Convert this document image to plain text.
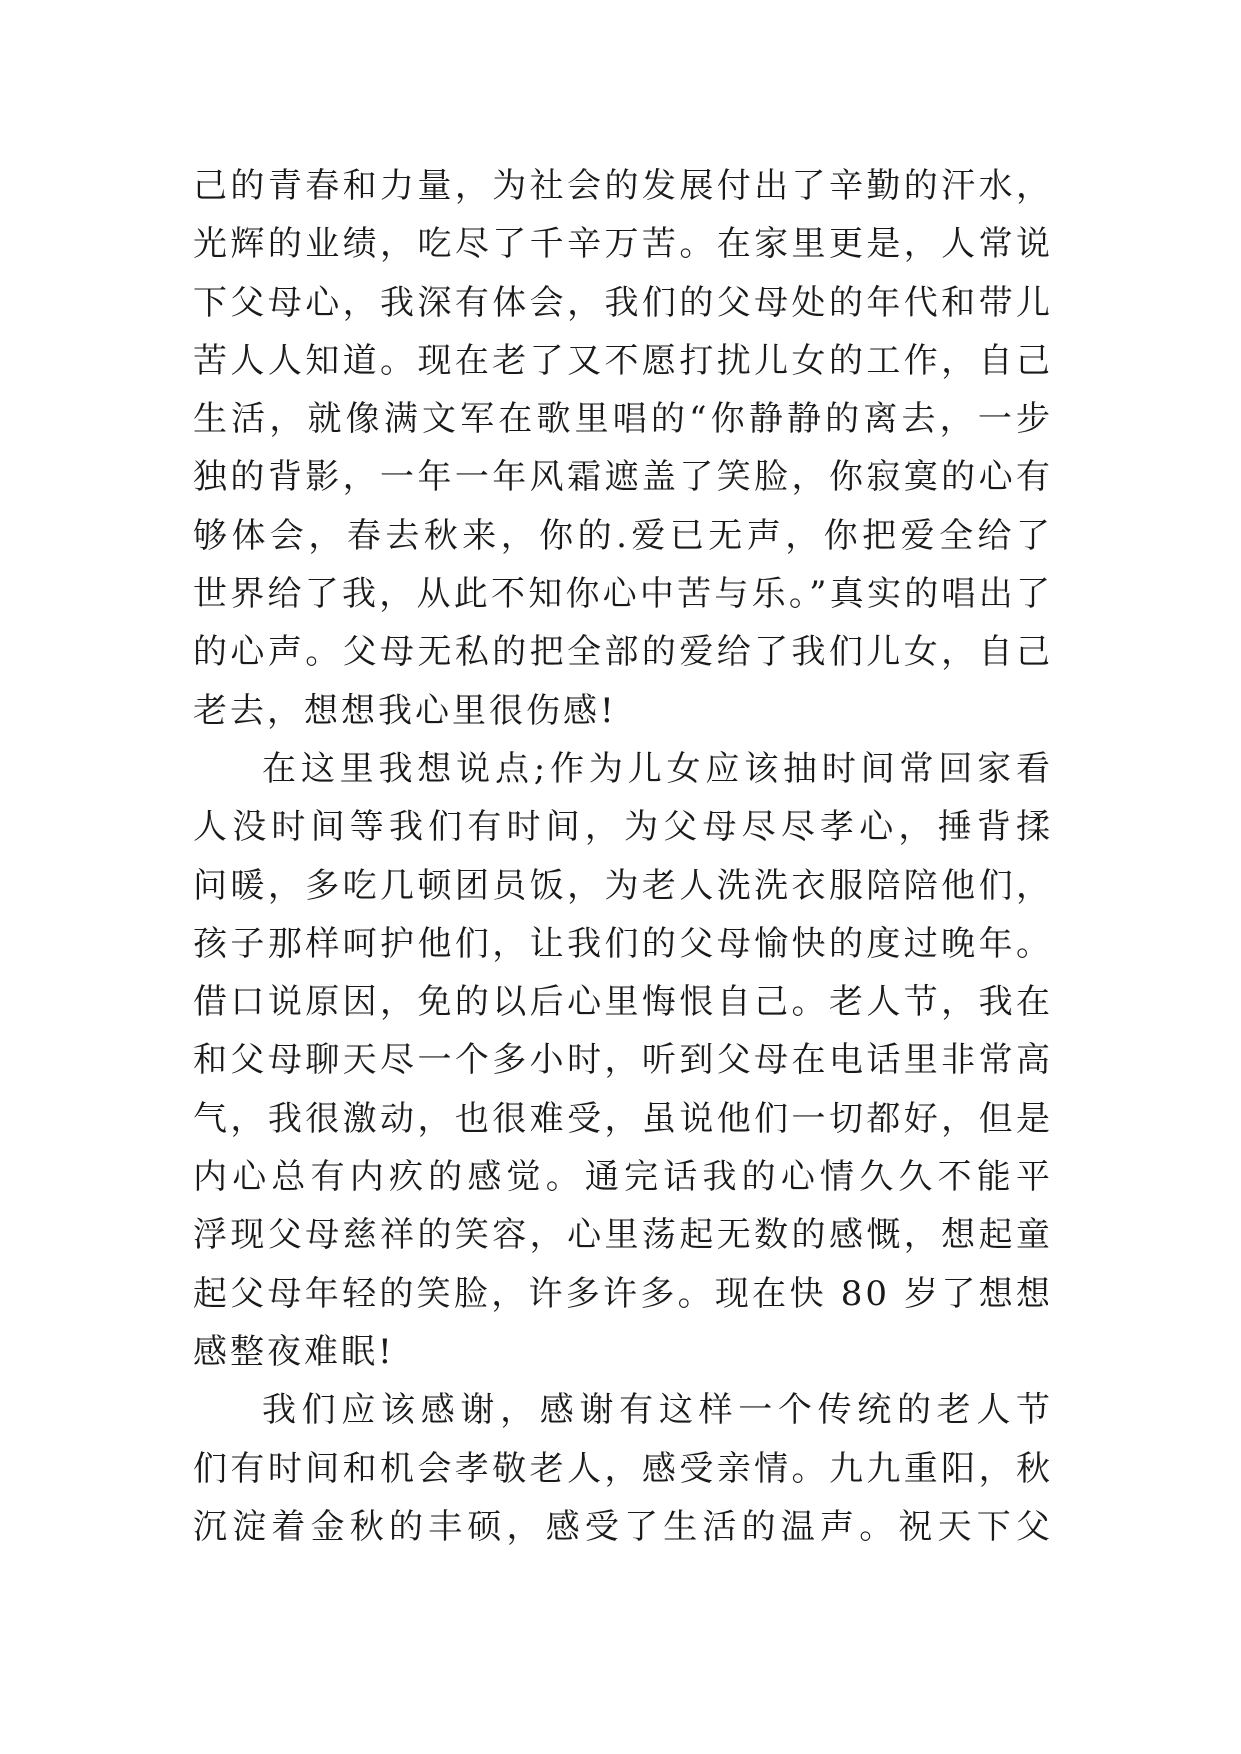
己的青春和力量，为社会的发展付出了辛勤的汗水，
光辉的业绩，吃尽了千辛万苦。在家里更是，人常说
下父母心，我深有体会，我们的父母处的年代和带儿
苦人人知道。现在老了又不愿打扰儿女的工作，自己
生活，就像满文军在歌里唱的“你静静的离去，一步
独的背影，一年一年风霜遮盖了笑脸，你寂寞的心有
够体会，春去秋来，你的.爱已无声，你把爱全给了
世界给了我，从此不知你心中苦与乐。”真实的唱出了
的心声。父母无私的把全部的爱给了我们儿女，自己
老去，想想我心里很伤感!
在这里我想说点;作为儿女应该抽时间常回家看
人没时间等我们有时间，为父母尽尽孝心，捶背揉
问暖，多吃几顿团员饭，为老人洗洗衣服陪陪他们，
孩子那样呵护他们，让我们的父母愉快的度过晚年。
借口说原因，免的以后心里悔恨自己。老人节，我在
和父母聊天尽一个多小时，听到父母在电话里非常高
气，我很激动，也很难受，虽说他们一切都好，但是
内心总有内疚的感觉。通完话我的心情久久不能平
浮现父母慈祥的笑容，心里荡起无数的感慨，想起童
起父母年轻的笑脸，许多许多。现在快 80 岁了想想
感整夜难眠!
我们应该感谢，感谢有这样一个传统的老人节
们有时间和机会孝敬老人，感受亲情。九九重阳，秋
沉淀着金秋的丰硕，感受了生活的温声。祝天下父
